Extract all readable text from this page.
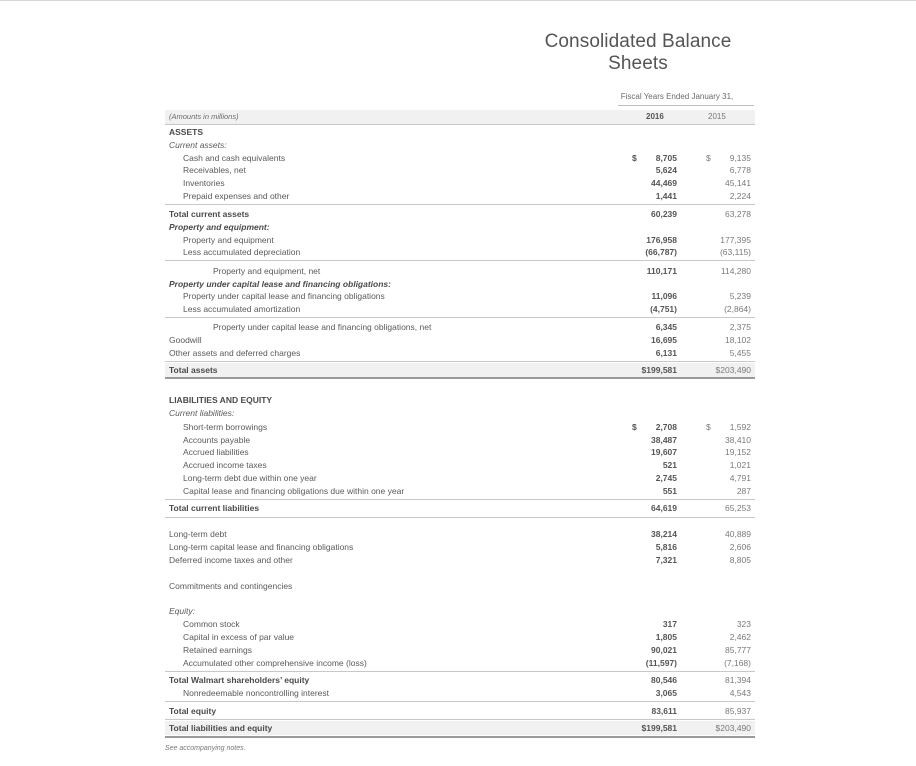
Consolidated Balance Sheets
Fiscal Years Ended January 31,
(Amounts in millions)	2016	2015
ASSETS
Current assets:
Cash and cash equivalents	$	8,705	$	9,135
Receivables, net	5,624	6,778
Inventories	44,469	45,141
Prepaid expenses and other	1,441	2,224
Total current assets	60,239	63,278
Property and equipment:
Property and equipment	176,958	177,395
Less accumulated depreciation	(66,787)	(63,115)
Property and equipment, net	110,171	114,280
Property under capital lease and financing obligations:
Property under capital lease and financing obligations	11,096	5,239
Less accumulated amortization	(4,751)	(2,864)
Property under capital lease and financing obligations, net	6,345	2,375
Goodwill	16,695	18,102
Other assets and deferred charges	6,131	5,455
Total assets	$199,581	$203,490
LIABILITIES AND EQUITY
Current liabilities:
Short-term borrowings	$	2,708	$	1,592
Accounts payable	38,487	38,410
Accrued liabilities	19,607	19,152
Accrued income taxes	521	1,021
Long-term debt due within one year	2,745	4,791
Capital lease and financing obligations due within one year	551	287
Total current liabilities	64,619	65,253
Long-term debt	38,214	40,889
Long-term capital lease and financing obligations	5,816	2,606
Deferred income taxes and other	7,321	8,805
Commitments and contingencies
Equity:
Common stock	317	323
Capital in excess of par value	1,805	2,462
Retained earnings	90,021	85,777
Accumulated other comprehensive income (loss)	(11,597)	(7,168)
Total Walmart shareholders’ equity	80,546	81,394
Nonredeemable noncontrolling interest	3,065	4,543
Total equity	83,611	85,937
Total liabilities and equity	$199,581	$203,490
See accompanying notes.
